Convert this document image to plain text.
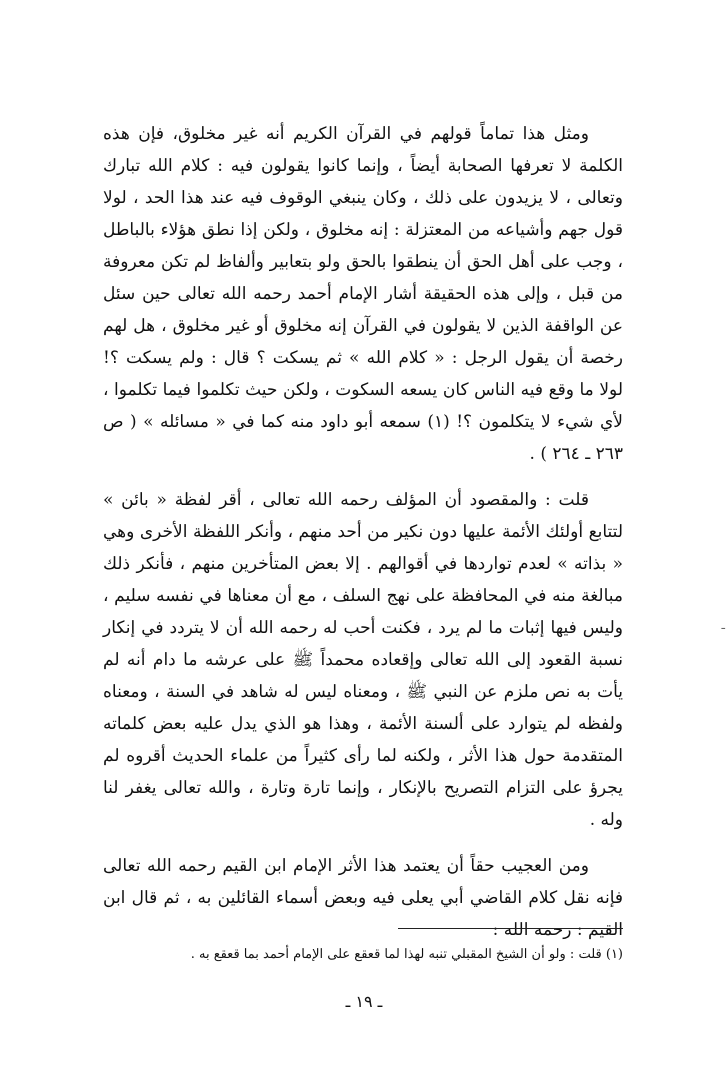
ومثل هذا تماماً قولهم في القرآن الكريم أنه غير مخلوق، فإن هذه الكلمة لا تعرفها الصحابة أيضاً ، وإنما كانوا يقولون فيه : كلام الله تبارك وتعالى ، لا يزيدون على ذلك ، وكان ينبغي الوقوف فيه عند هذا الحد ، لولا قول جهم وأشياعه من المعتزلة : إنه مخلوق ، ولكن إذا نطق هؤلاء بالباطل ، وجب على أهل الحق أن ينطقوا بالحق ولو بتعابير وألفاظ لم تكن معروفة من قبل ، وإلى هذه الحقيقة أشار الإمام أحمد رحمه الله تعالى حين سئل عن الواقفة الذين لا يقولون في القرآن إنه مخلوق أو غير مخلوق ، هل لهم رخصة أن يقول الرجل : « كلام الله » ثم يسكت ؟ قال : ولم يسكت ؟! لولا ما وقع فيه الناس كان يسعه السكوت ، ولكن حيث تكلموا فيما تكلموا ، لأي شيء لا يتكلمون ؟! (١) سمعه أبو داود منه كما في « مسائله » ( ص ٢٦٣ ـ ٢٦٤ ) .

قلت : والمقصود أن المؤلف رحمه الله تعالى ، أقر لفظة « بائن » لتتابع أولئك الأئمة عليها دون نكير من أحد منهم ، وأنكر اللفظة الأخرى وهي « بذاته » لعدم تواردها في أقوالهم . إلا بعض المتأخرين منهم ، فأنكر ذلك مبالغة منه في المحافظة على نهج السلف ، مع أن معناها في نفسه سليم ، وليس فيها إثبات ما لم يرد ، فكنت أحب له رحمه الله أن لا يتردد في إنكار نسبة القعود إلى الله تعالى وإقعاده محمداً ﷺ على عرشه ما دام أنه لم يأت به نص ملزم عن النبي ﷺ ، ومعناه ليس له شاهد في السنة ، ومعناه ولفظه لم يتوارد على ألسنة الأئمة ، وهذا هو الذي يدل عليه بعض كلماته المتقدمة حول هذا الأثر ، ولكنه لما رأى كثيراً من علماء الحديث أقروه لم يجرؤ على التزام التصريح بالإنكار ، وإنما تارة وتارة ، والله تعالى يغفر لنا وله .

ومن العجيب حقاً أن يعتمد هذا الأثر الإمام ابن القيم رحمه الله تعالى فإنه نقل كلام القاضي أبي يعلى فيه وبعض أسماء القائلين به ، ثم قال ابن القيم : رحمه الله :

(١) قلت : ولو أن الشيخ المقبلي تنبه لهذا لما قعقع على الإمام أحمد بما قعقع به .
ـ ١٩ ـ
ـ
